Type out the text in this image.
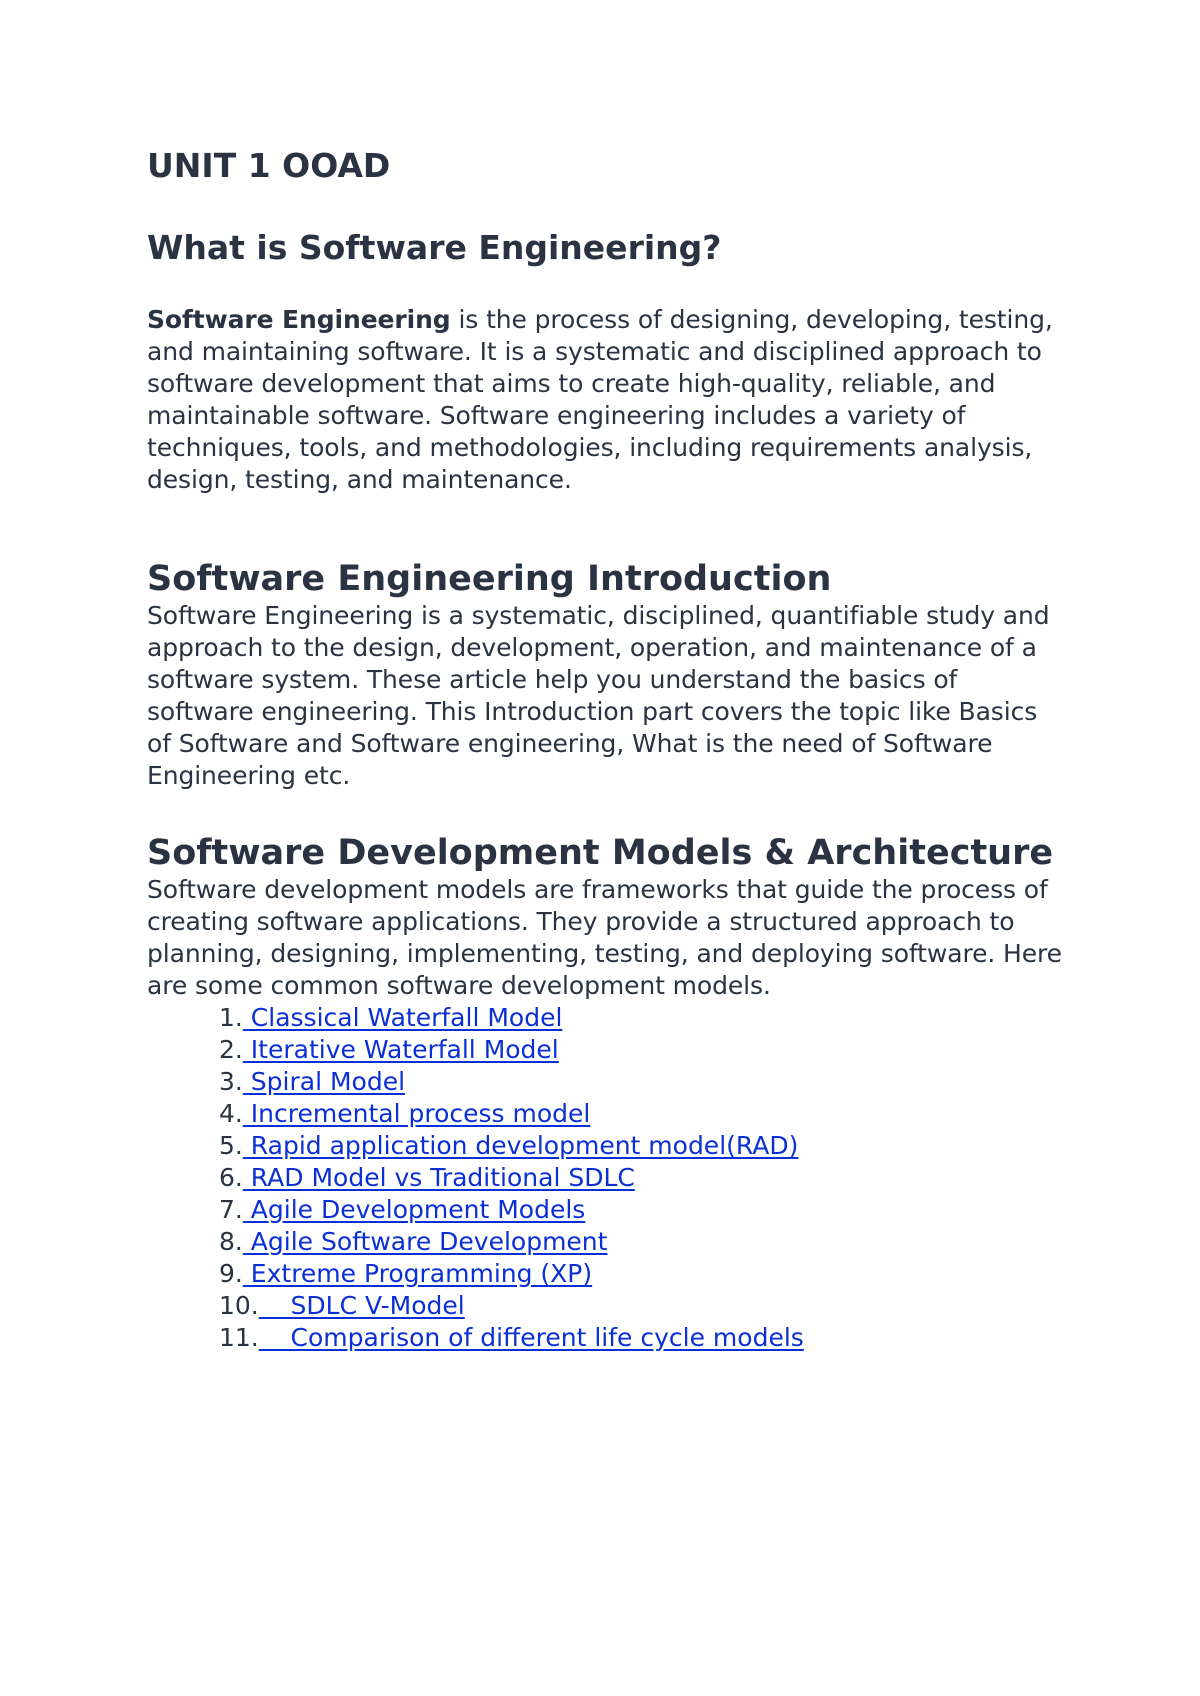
UNIT 1 OOAD
What is Software Engineering?

Software Engineering is the process of designing, developing, testing, and maintaining software. It is a systematic and disciplined approach to software development that aims to create high-quality, reliable, and maintainable software. Software engineering includes a variety of techniques, tools, and methodologies, including requirements analysis, design, testing, and maintenance.

Software Engineering Introduction

Software Engineering is a systematic, disciplined, quantifiable study and approach to the design, development, operation, and maintenance of a software system. These article help you understand the basics of software engineering. This Introduction part covers the topic like Basics of Software and Software engineering, What is the need of Software Engineering etc.

Software Development Models & Architecture

Software development models are frameworks that guide the process of creating software applications. They provide a structured approach to planning, designing, implementing, testing, and deploying software. Here are some common software development models.

1. Classical Waterfall Model
2. Iterative Waterfall Model
3. Spiral Model
4. Incremental process model
5. Rapid application development model(RAD)
6. RAD Model vs Traditional SDLC
7. Agile Development Models
8. Agile Software Development
9. Extreme Programming (XP)
10.    SDLC V-Model
11.    Comparison of different life cycle models
